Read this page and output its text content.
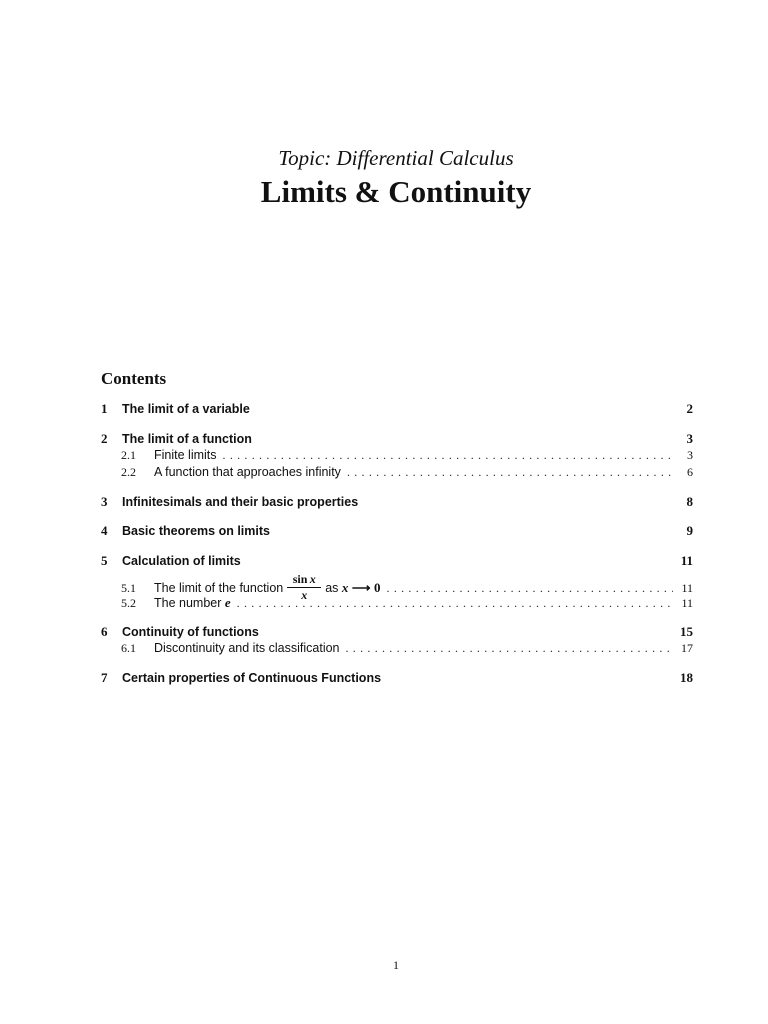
Topic: Differential Calculus
Limits & Continuity
Contents
1	The limit of a variable	2
2	The limit of a function	3
2.1	Finite limits . . .	3
2.2	A function that approaches infinity . . .	6
3	Infinitesimals and their basic properties	8
4	Basic theorems on limits	9
5	Calculation of limits	11
5.1	The limit of the function $\frac{\text{sin  x}}{x}$ as x ⟶ 0 . . .	11
5.2	The number e . . .	11
6	Continuity of functions	15
6.1	Discontinuity and its classification . . .	17
7	Certain properties of Continuous Functions	18
1
